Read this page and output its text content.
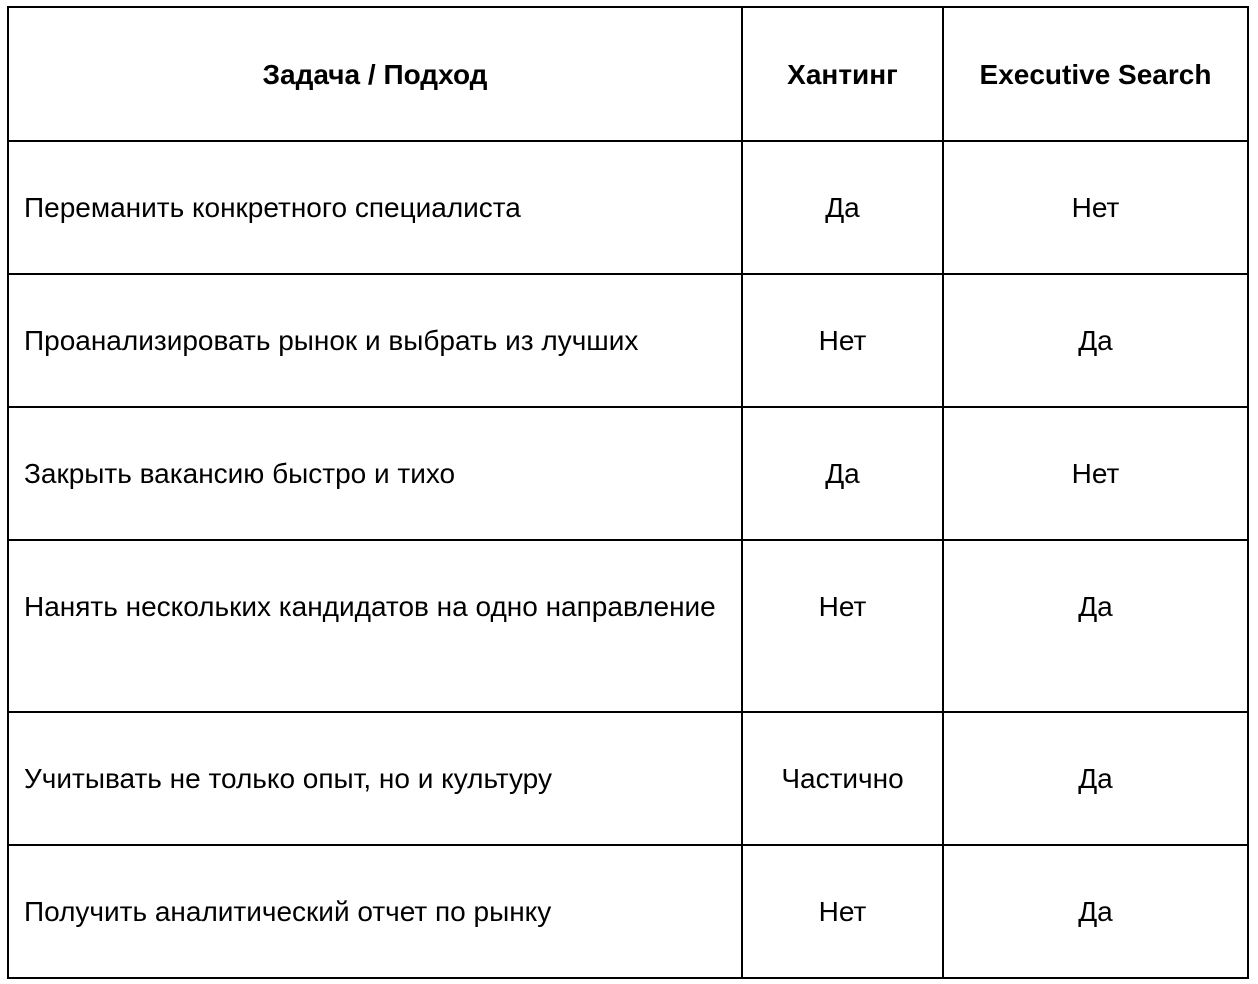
Задача / Подход	Хантинг	Executive Search
Переманить конкретного специалиста	Да	Нет
Проанализировать рынок и выбрать из лучших	Нет	Да
Закрыть вакансию быстро и тихо	Да	Нет
Нанять нескольких кандидатов на одно направление	Нет	Да
Учитывать не только опыт, но и культуру	Частично	Да
Получить аналитический отчет по рынку	Нет	Да
